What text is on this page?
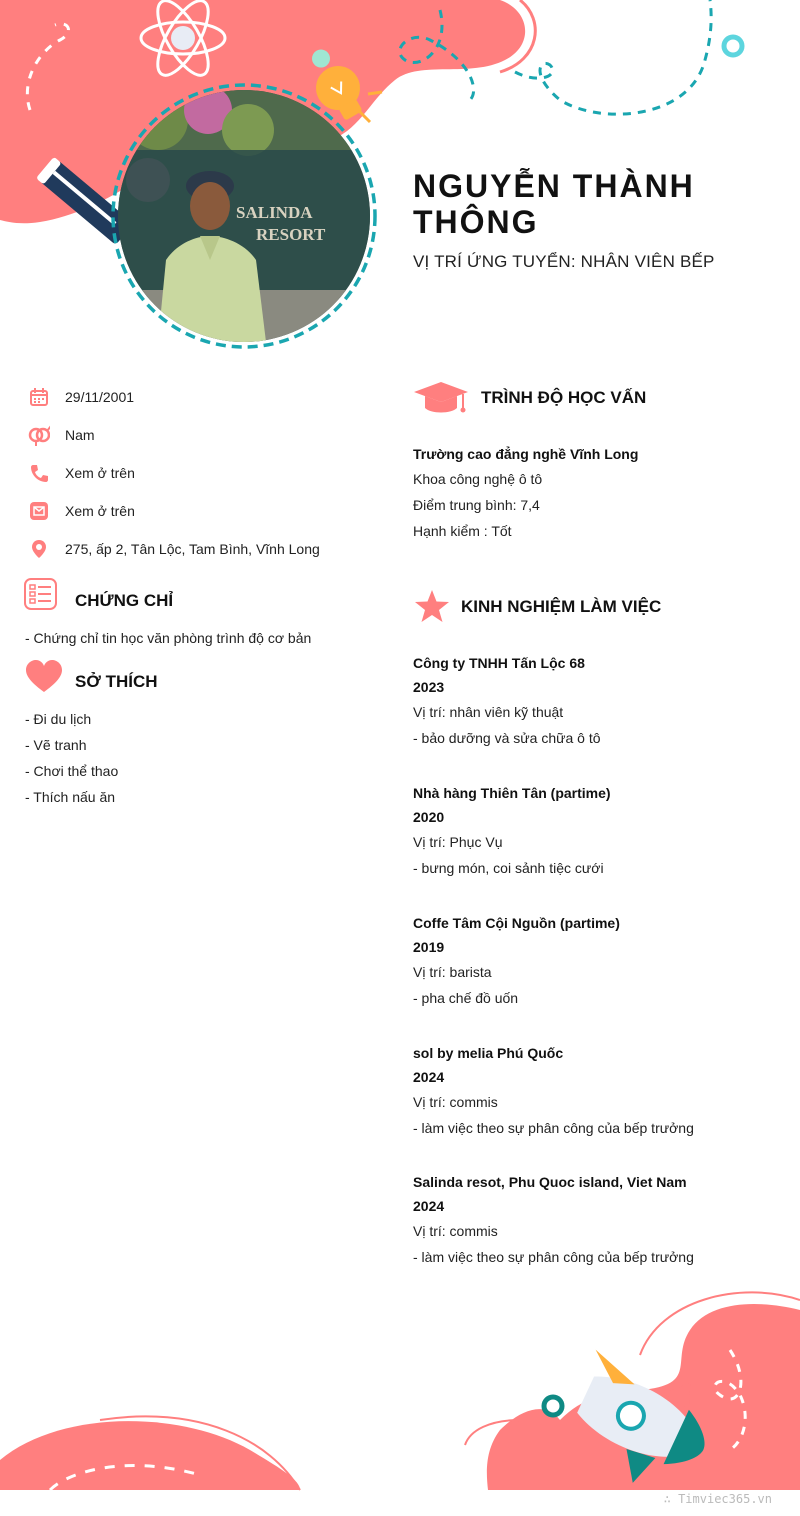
SALINDA
RESORT
NGUYỄN THÀNH THÔNG
VỊ TRÍ ỨNG TUYỂN: NHÂN VIÊN BẾP
29/11/2001
Nam
Xem ở trên
Xem ở trên
275, ấp 2, Tân Lộc, Tam Bình, Vĩnh Long
CHỨNG CHỈ
- Chứng chỉ tin học văn phòng trình độ cơ bản
SỞ THÍCH
- Đi du lịch
- Vẽ tranh
- Chơi thể thao
- Thích nấu ăn
TRÌNH ĐỘ HỌC VẤN
Trường cao đẳng nghề Vĩnh Long
Khoa công nghệ ô tô
Điểm trung bình: 7,4
Hạnh kiểm : Tốt
KINH NGHIỆM LÀM VIỆC
Công ty TNHH Tấn Lộc 68
2023
Vị trí: nhân viên kỹ thuật
- bảo dưỡng và sửa chữa ô tô
Nhà hàng Thiên Tân (partime)
2020
Vị trí: Phục Vụ
- bưng món, coi sảnh tiệc cưới
Coffe Tâm Cội Nguồn (partime)
2019
Vị trí: barista
- pha chế đồ uốn
sol by melia Phú Quốc
2024
Vị trí: commis
- làm việc theo sự phân công của bếp trưởng
Salinda resot, Phu Quoc island, Viet Nam
2024
Vị trí: commis
- làm việc theo sự phân công của bếp trưởng
∴ Timviec365.vn
